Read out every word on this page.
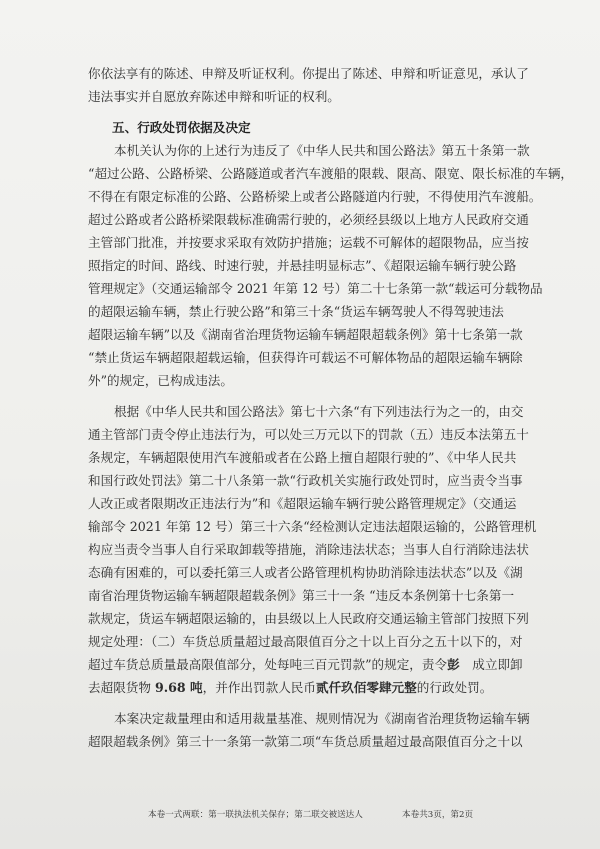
你依法享有的陈述、申辩及听证权利。你提出了陈述、申辩和听证意见，承认了
违法事实并自愿放弃陈述申辩和听证的权利。
五、行政处罚依据及决定
本机关认为你的上述行为违反了《中华人民共和国公路法》第五十条第一款
“超过公路、公路桥梁、公路隧道或者汽车渡船的限载、限高、限宽、限长标准的车辆，
不得在有限定标准的公路、公路桥梁上或者公路隧道内行驶，不得使用汽车渡船。
超过公路或者公路桥梁限载标准确需行驶的，必须经县级以上地方人民政府交通
主管部门批准，并按要求采取有效防护措施；运载不可解体的超限物品，应当按
照指定的时间、路线、时速行驶，并悬挂明显标志”、《超限运输车辆行驶公路
管理规定》（交通运输部令 2021 年第 12 号）第二十七条第一款“载运可分载物品
的超限运输车辆，禁止行驶公路”和第三十条“货运车辆驾驶人不得驾驶违法
超限运输车辆”以及《湖南省治理货物运输车辆超限超载条例》第十七条第一款
“禁止货运车辆超限超载运输，但获得许可载运不可解体物品的超限运输车辆除
外”的规定，已构成违法。
根据《中华人民共和国公路法》第七十六条“有下列违法行为之一的，由交
通主管部门责令停止违法行为，可以处三万元以下的罚款（五）违反本法第五十
条规定，车辆超限使用汽车渡船或者在公路上擅自超限行驶的”、《中华人民共
和国行政处罚法》第二十八条第一款“行政机关实施行政处罚时，应当责令当事
人改正或者限期改正违法行为”和《超限运输车辆行驶公路管理规定》（交通运
输部令 2021 年第 12 号）第三十六条“经检测认定违法超限运输的，公路管理机
构应当责令当事人自行采取卸载等措施，消除违法状态；当事人自行消除违法状
态确有困难的，可以委托第三人或者公路管理机构协助消除违法状态”以及《湖
南省治理货物运输车辆超限超载条例》第三十一条 “违反本条例第十七条第一
款规定，货运车辆超限运输的，由县级以上人民政府交通运输主管部门按照下列
规定处理：（二）车货总质量超过最高限值百分之十以上百分之五十以下的，对
超过车货总质量最高限值部分，处每吨三百元罚款”的规定，责令彭　 成立即卸
去超限货物 9.68 吨，并作出罚款人民币贰仟玖佰零肆元整的行政处罚。
本案决定裁量理由和适用裁量基准、规则情况为《湖南省治理货物运输车辆
超限超载条例》第三十一条第一款第二项“车货总质量超过最高限值百分之十以
本卷一式两联：第一联执法机关保存；第二联交被送达人	本卷共3页，第2页
